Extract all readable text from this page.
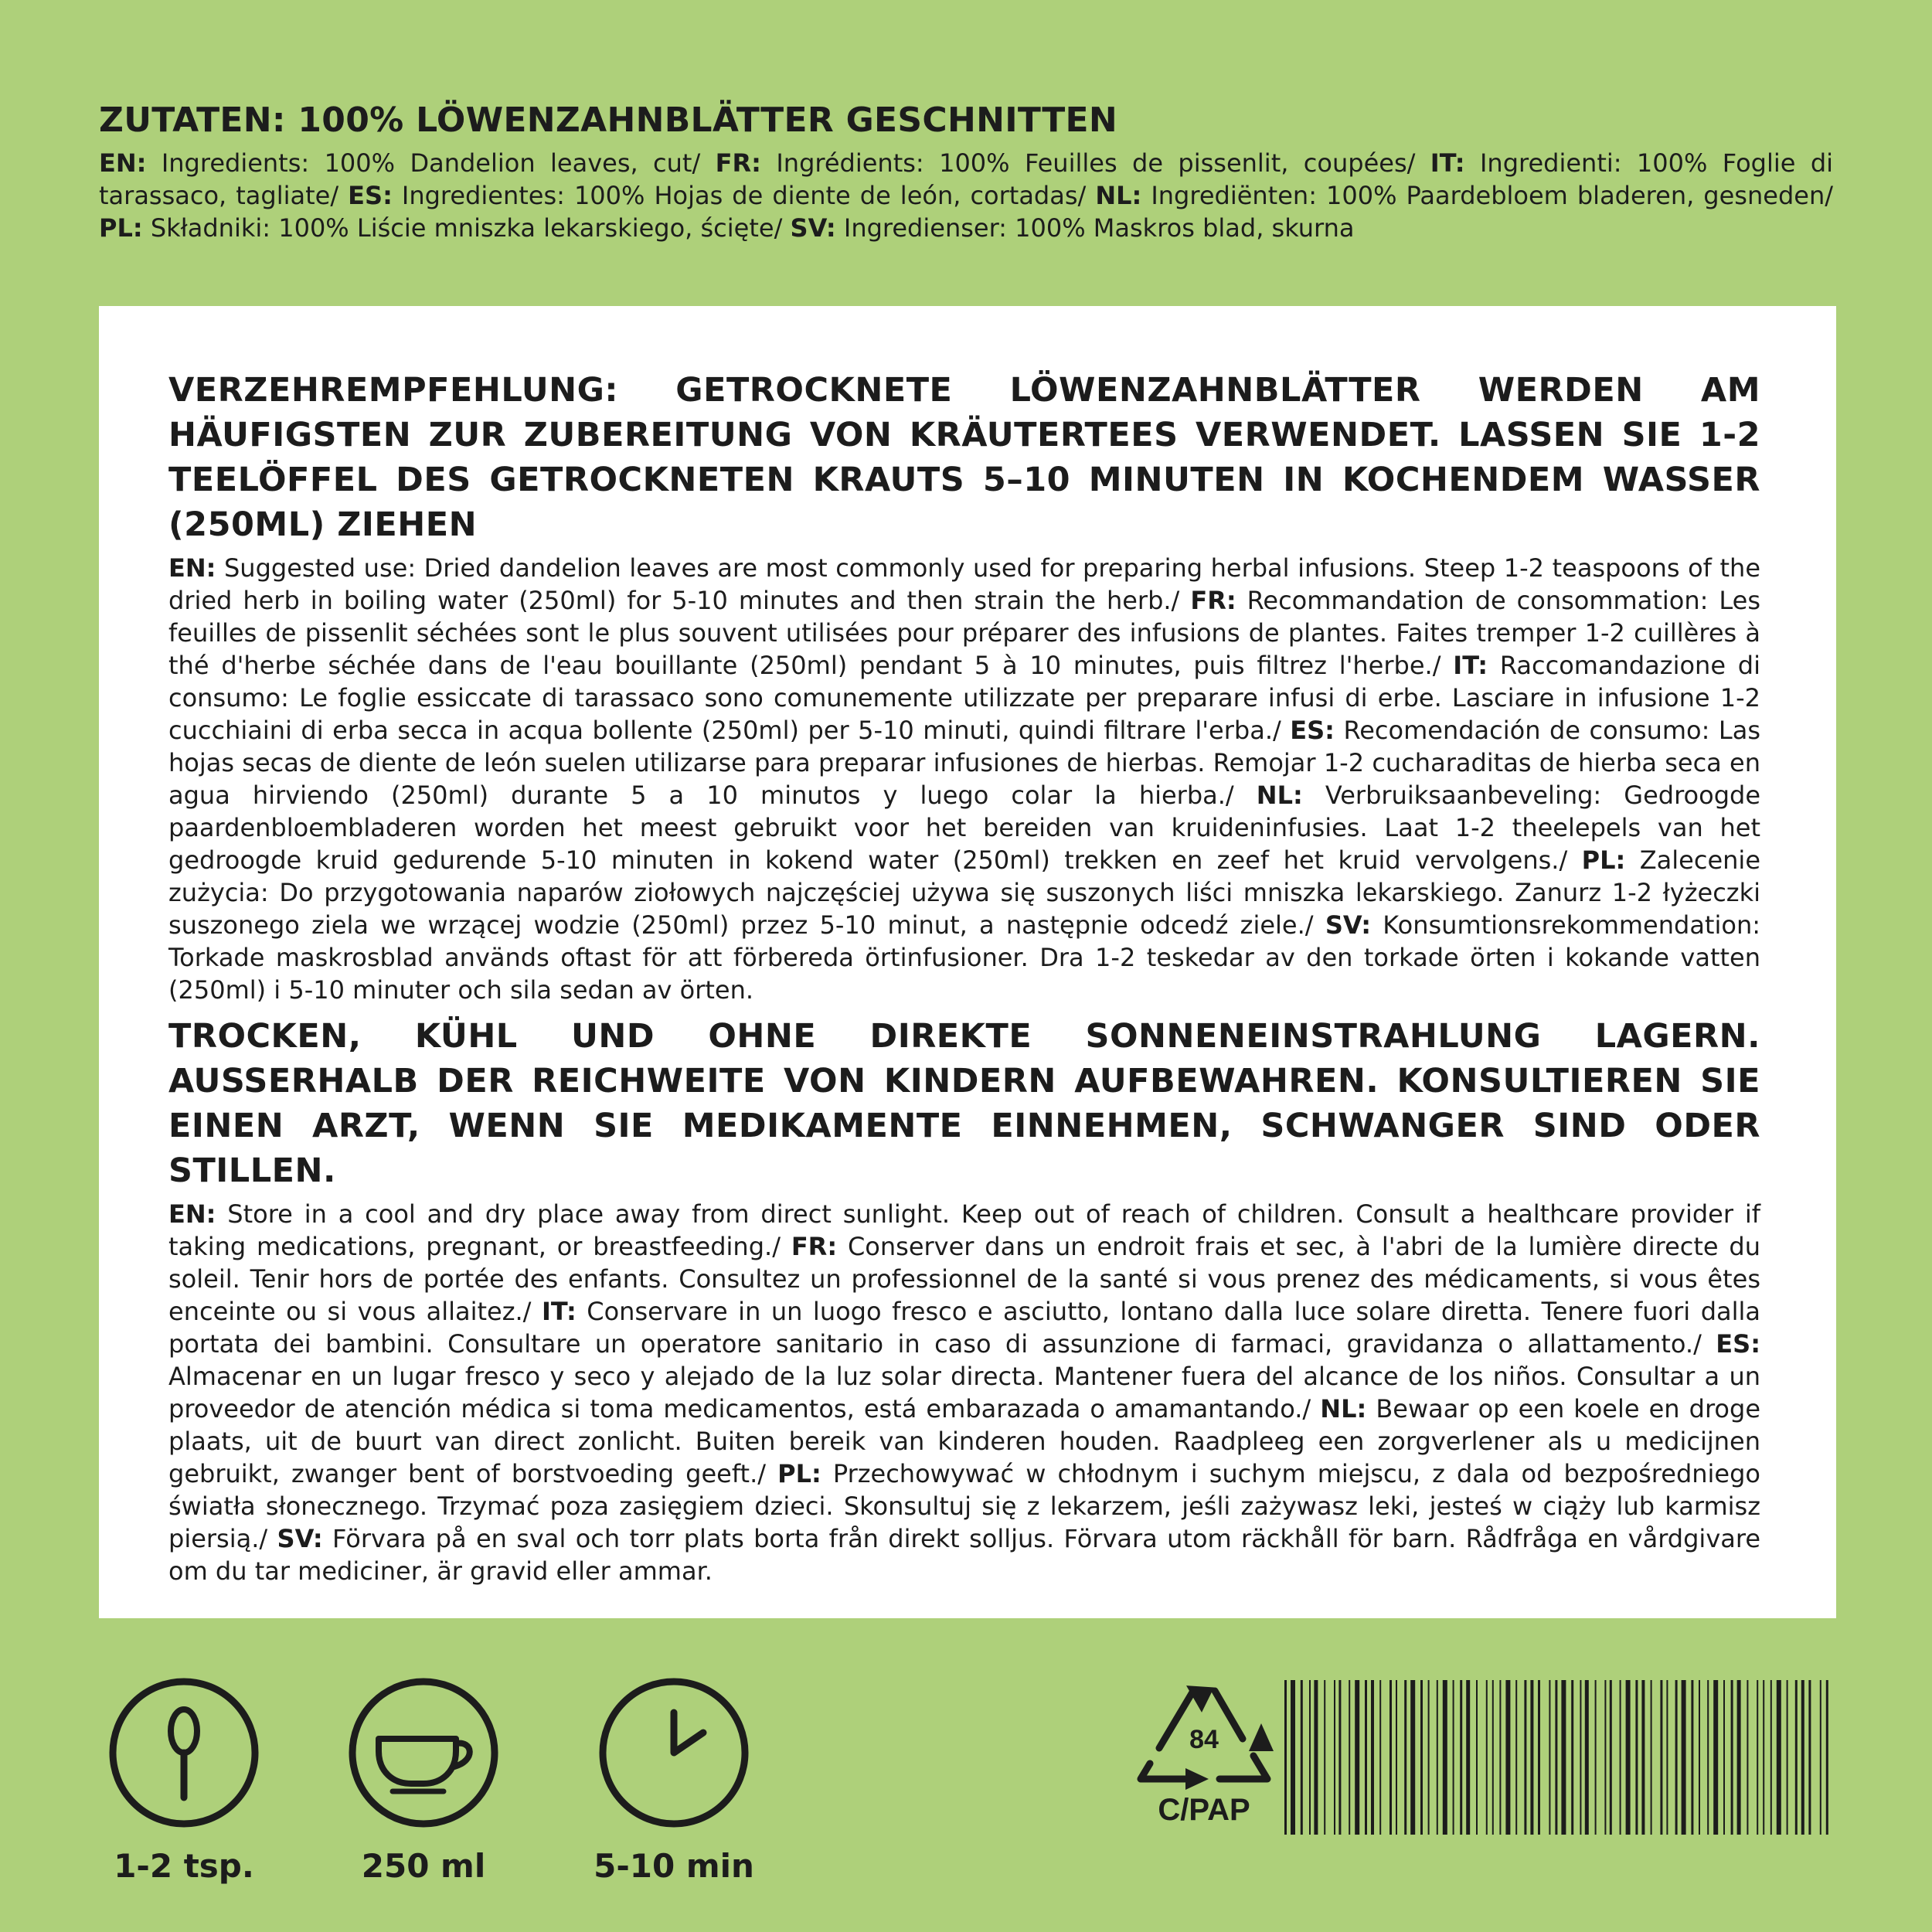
ZUTATEN: 100% LÖWENZAHNBLÄTTER GESCHNITTEN

EN: Ingredients: 100% Dandelion leaves, cut/ FR: Ingrédients: 100% Feuilles de pissenlit, coupées/ IT: Ingredienti: 100% Foglie di tarassaco, tagliate/ ES: Ingredientes: 100% Hojas de diente de león, cortadas/ NL: Ingrediënten: 100% Paardebloem bladeren, gesneden/ PL: Składniki: 100% Liście mniszka lekarskiego, ścięte/ SV: Ingredienser: 100% Maskros blad, skurna

VERZEHREMPFEHLUNG: GETROCKNETE LÖWENZAHNBLÄTTER WERDEN AM HÄUFIGSTEN ZUR ZUBEREITUNG VON KRÄUTERTEES VERWENDET. LASSEN SIE 1-2 TEELÖFFEL DES GETROCKNETEN KRAUTS 5–10 MINUTEN IN KOCHENDEM WASSER (250ML) ZIEHEN

EN: Suggested use: Dried dandelion leaves are most commonly used for preparing herbal infusions. Steep 1-2 teaspoons of the dried herb in boiling water (250ml) for 5-10 minutes and then strain the herb./ FR: Recommandation de consommation: Les feuilles de pissenlit séchées sont le plus souvent utilisées pour préparer des infusions de plantes. Faites tremper 1-2 cuillères à thé d'herbe séchée dans de l'eau bouillante (250ml) pendant 5 à 10 minutes, puis filtrez l'herbe./ IT: Raccomandazione di consumo: Le foglie essiccate di tarassaco sono comunemente utilizzate per preparare infusi di erbe. Lasciare in infusione 1-2 cucchiaini di erba secca in acqua bollente (250ml) per 5-10 minuti, quindi filtrare l'erba./ ES: Recomendación de consumo: Las hojas secas de diente de león suelen utilizarse para preparar infusiones de hierbas. Remojar 1-2 cucharaditas de hierba seca en agua hirviendo (250ml) durante 5 a 10 minutos y luego colar la hierba./ NL: Verbruiksaanbeveling: Gedroogde paardenbloembladeren worden het meest gebruikt voor het bereiden van kruideninfusies. Laat 1-2 theelepels van het gedroogde kruid gedurende 5-10 minuten in kokend water (250ml) trekken en zeef het kruid vervolgens./ PL: Zalecenie zużycia: Do przygotowania naparów ziołowych najczęściej używa się suszonych liści mniszka lekarskiego. Zanurz 1-2 łyżeczki suszonego ziela we wrzącej wodzie (250ml) przez 5-10 minut, a następnie odcedź ziele./ SV: Konsumtionsrekommendation: Torkade maskrosblad används oftast för att förbereda örtinfusioner. Dra 1-2 teskedar av den torkade örten i kokande vatten (250ml) i 5-10 minuter och sila sedan av örten.

TROCKEN, KÜHL UND OHNE DIREKTE SONNENEINSTRAHLUNG LAGERN. AUSSERHALB DER REICHWEITE VON KINDERN AUFBEWAHREN. KONSULTIEREN SIE EINEN ARZT, WENN SIE MEDIKAMENTE EINNEHMEN, SCHWANGER SIND ODER STILLEN.

EN: Store in a cool and dry place away from direct sunlight. Keep out of reach of children. Consult a healthcare provider if taking medications, pregnant, or breastfeeding./ FR: Conserver dans un endroit frais et sec, à l'abri de la lumière directe du soleil. Tenir hors de portée des enfants. Consultez un professionnel de la santé si vous prenez des médicaments, si vous êtes enceinte ou si vous allaitez./ IT: Conservare in un luogo fresco e asciutto, lontano dalla luce solare diretta. Tenere fuori dalla portata dei bambini. Consultare un operatore sanitario in caso di assunzione di farmaci, gravidanza o allattamento./ ES: Almacenar en un lugar fresco y seco y alejado de la luz solar directa. Mantener fuera del alcance de los niños. Consultar a un proveedor de atención médica si toma medicamentos, está embarazada o amamantando./ NL: Bewaar op een koele en droge plaats, uit de buurt van direct zonlicht. Buiten bereik van kinderen houden. Raadpleeg een zorgverlener als u medicijnen gebruikt, zwanger bent of borstvoeding geeft./ PL: Przechowywać w chłodnym i suchym miejscu, z dala od bezpośredniego światła słonecznego. Trzymać poza zasięgiem dzieci. Skonsultuj się z lekarzem, jeśli zażywasz leki, jesteś w ciąży lub karmisz piersią./ SV: Förvara på en sval och torr plats borta från direkt solljus. Förvara utom räckhåll för barn. Rådfråga en vårdgivare om du tar mediciner, är gravid eller ammar.

1-2 tsp.	250 ml	5-10 min
84
C/PAP
